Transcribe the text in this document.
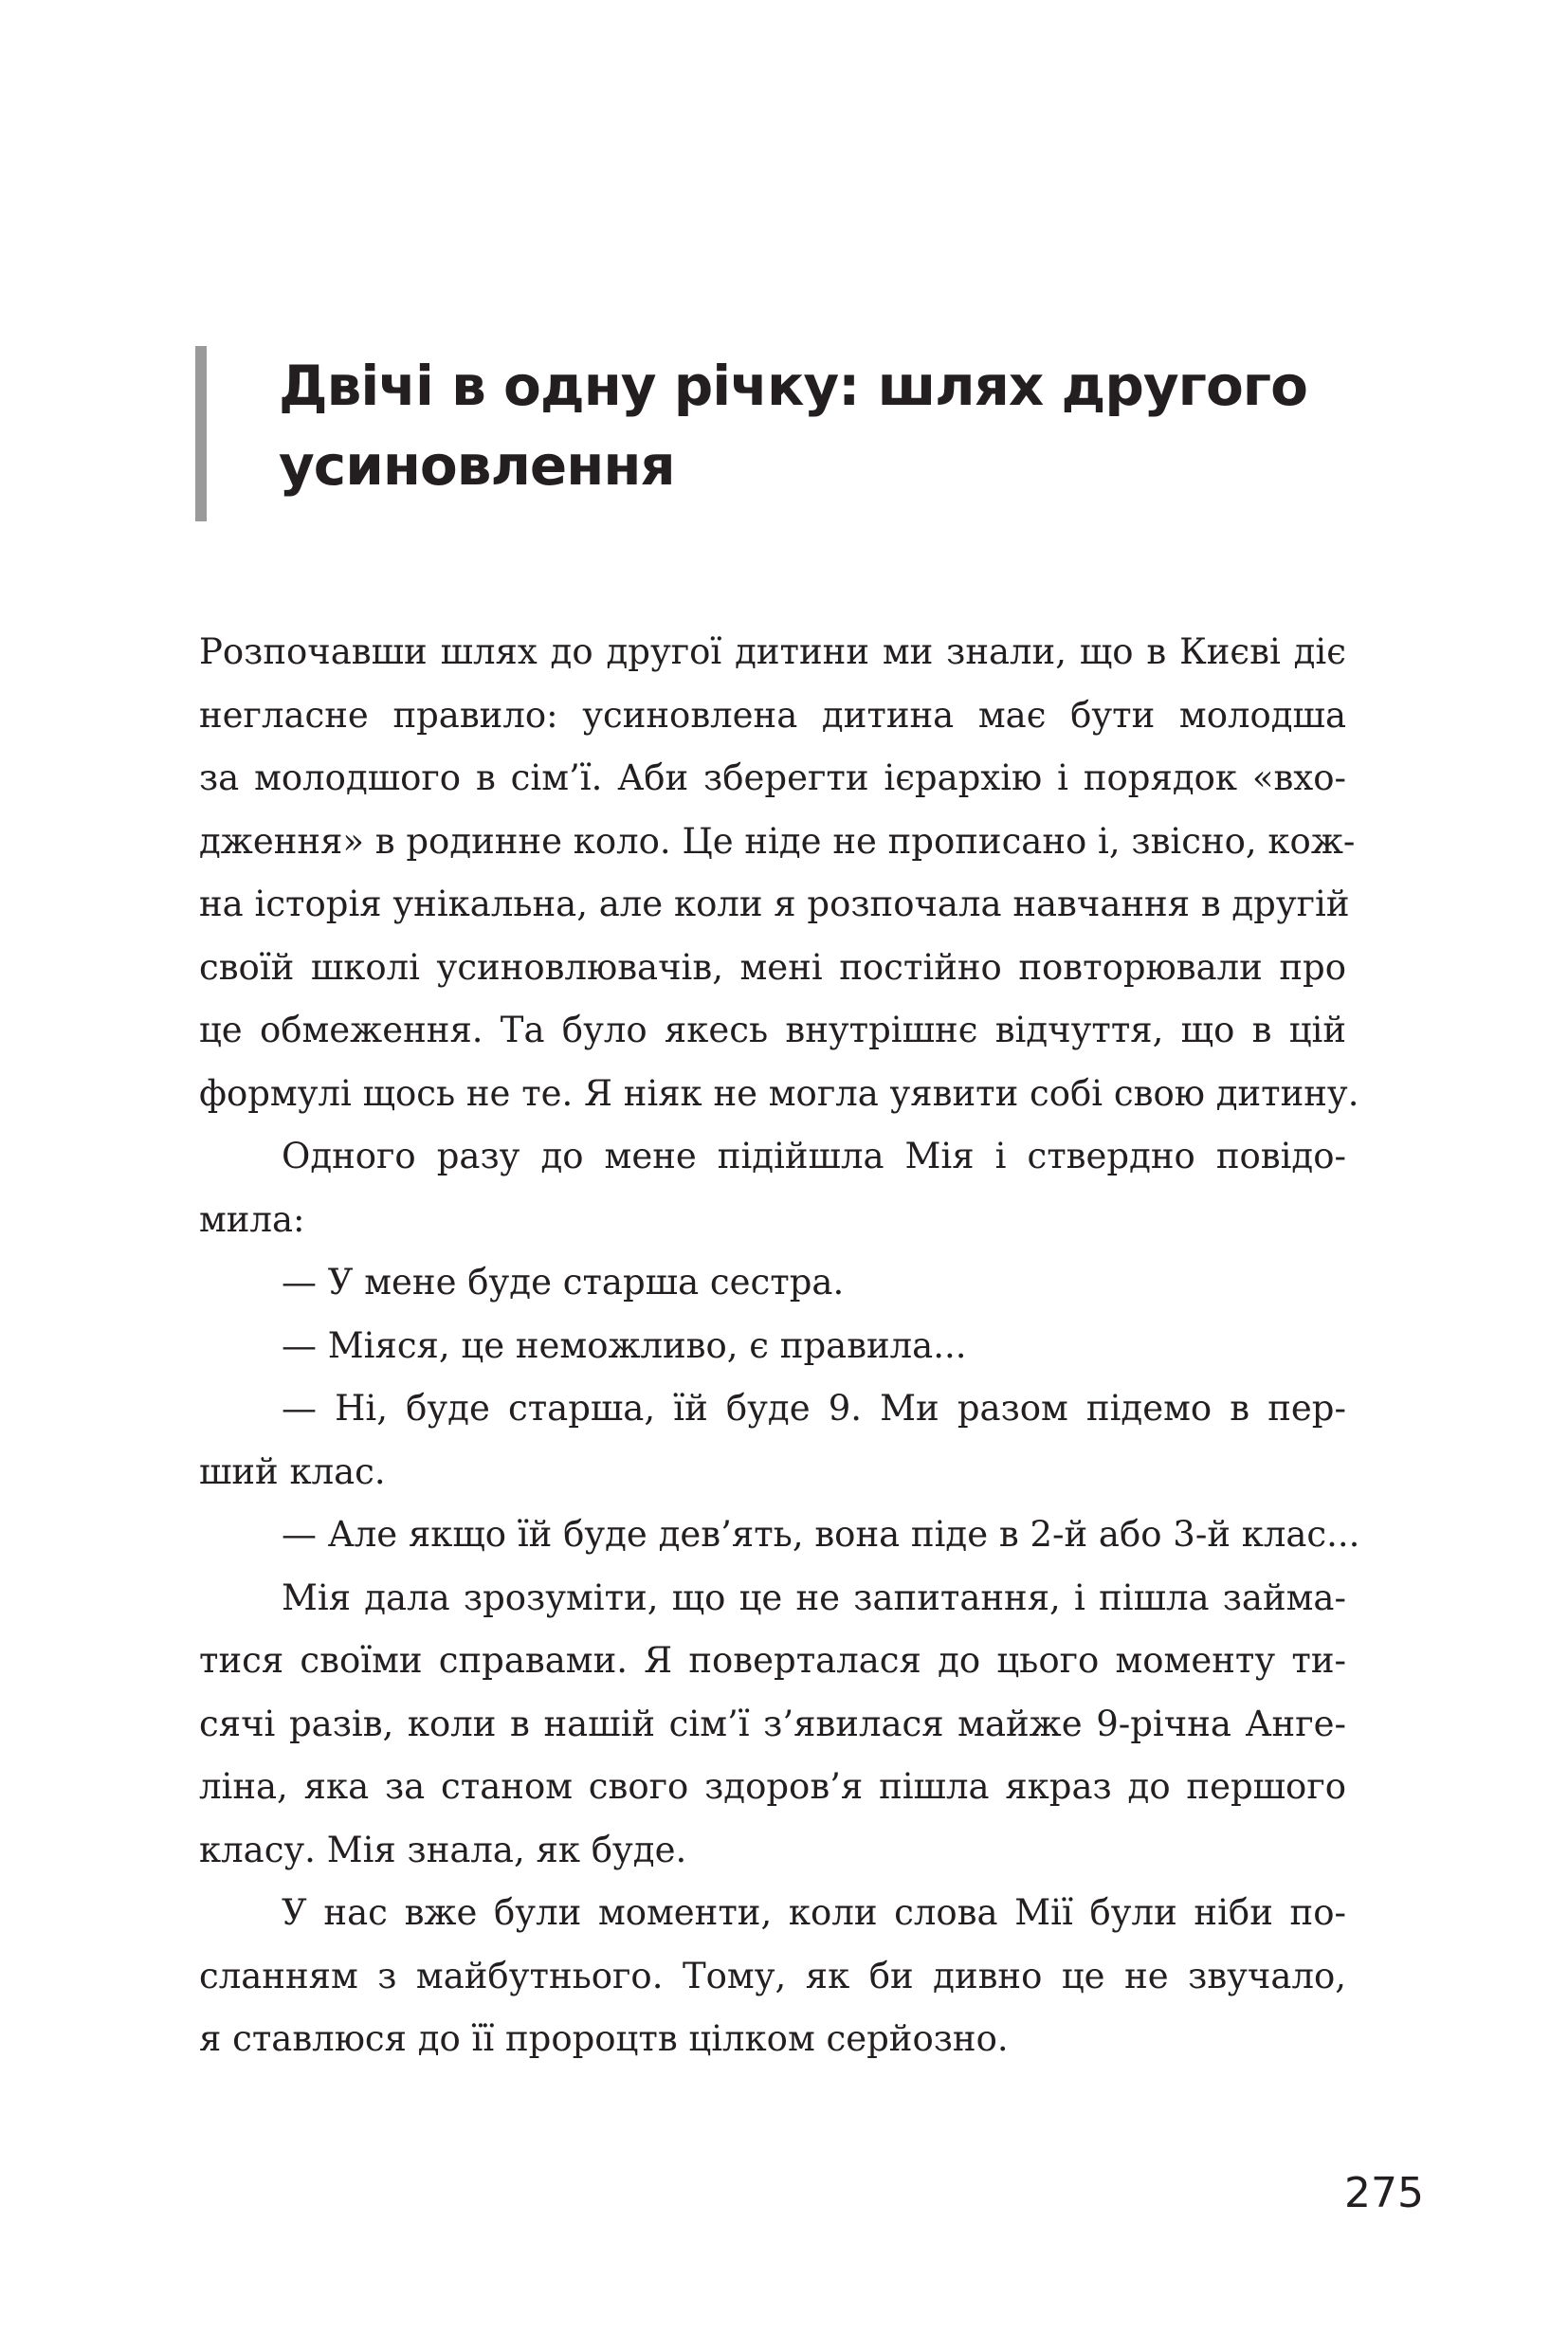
Двічі в одну річку: шлях другого
усиновлення
Розпочавши шлях до другої дитини ми знали, що в Києві діє
негласне правило: усиновлена дитина має бути молодша
за молодшого в сім’ї. Аби зберегти ієрархію і порядок «вхо-
дження» в родинне коло. Це ніде не прописано і, звісно, кож-
на історія унікальна, але коли я розпочала навчання в другій
своїй школі усиновлювачів, мені постійно повторювали про
це обмеження. Та було якесь внутрішнє відчуття, що в цій
формулі щось не те. Я ніяк не могла уявити собі свою дитину.
Одного разу до мене підійшла Мія і ствердно повідо-
мила:
— У мене буде старша сестра.
— Міяся, це неможливо, є правила...
— Ні, буде старша, їй буде 9. Ми разом підемо в пер-
ший клас.
— Але якщо їй буде дев’ять, вона піде в 2-й або 3-й клас...
Мія дала зрозуміти, що це не запитання, і пішла займа-
тися своїми справами. Я поверталася до цього моменту ти-
сячі разів, коли в нашій сім’ї з’явилася майже 9-річна Анге-
ліна, яка за станом свого здоров’я пішла якраз до першого
класу. Мія знала, як буде.
У нас вже були моменти, коли слова Мії були ніби по-
сланням з майбутнього. Тому, як би дивно це не звучало,
я ставлюся до її пророцтв цілком серйозно.
275
